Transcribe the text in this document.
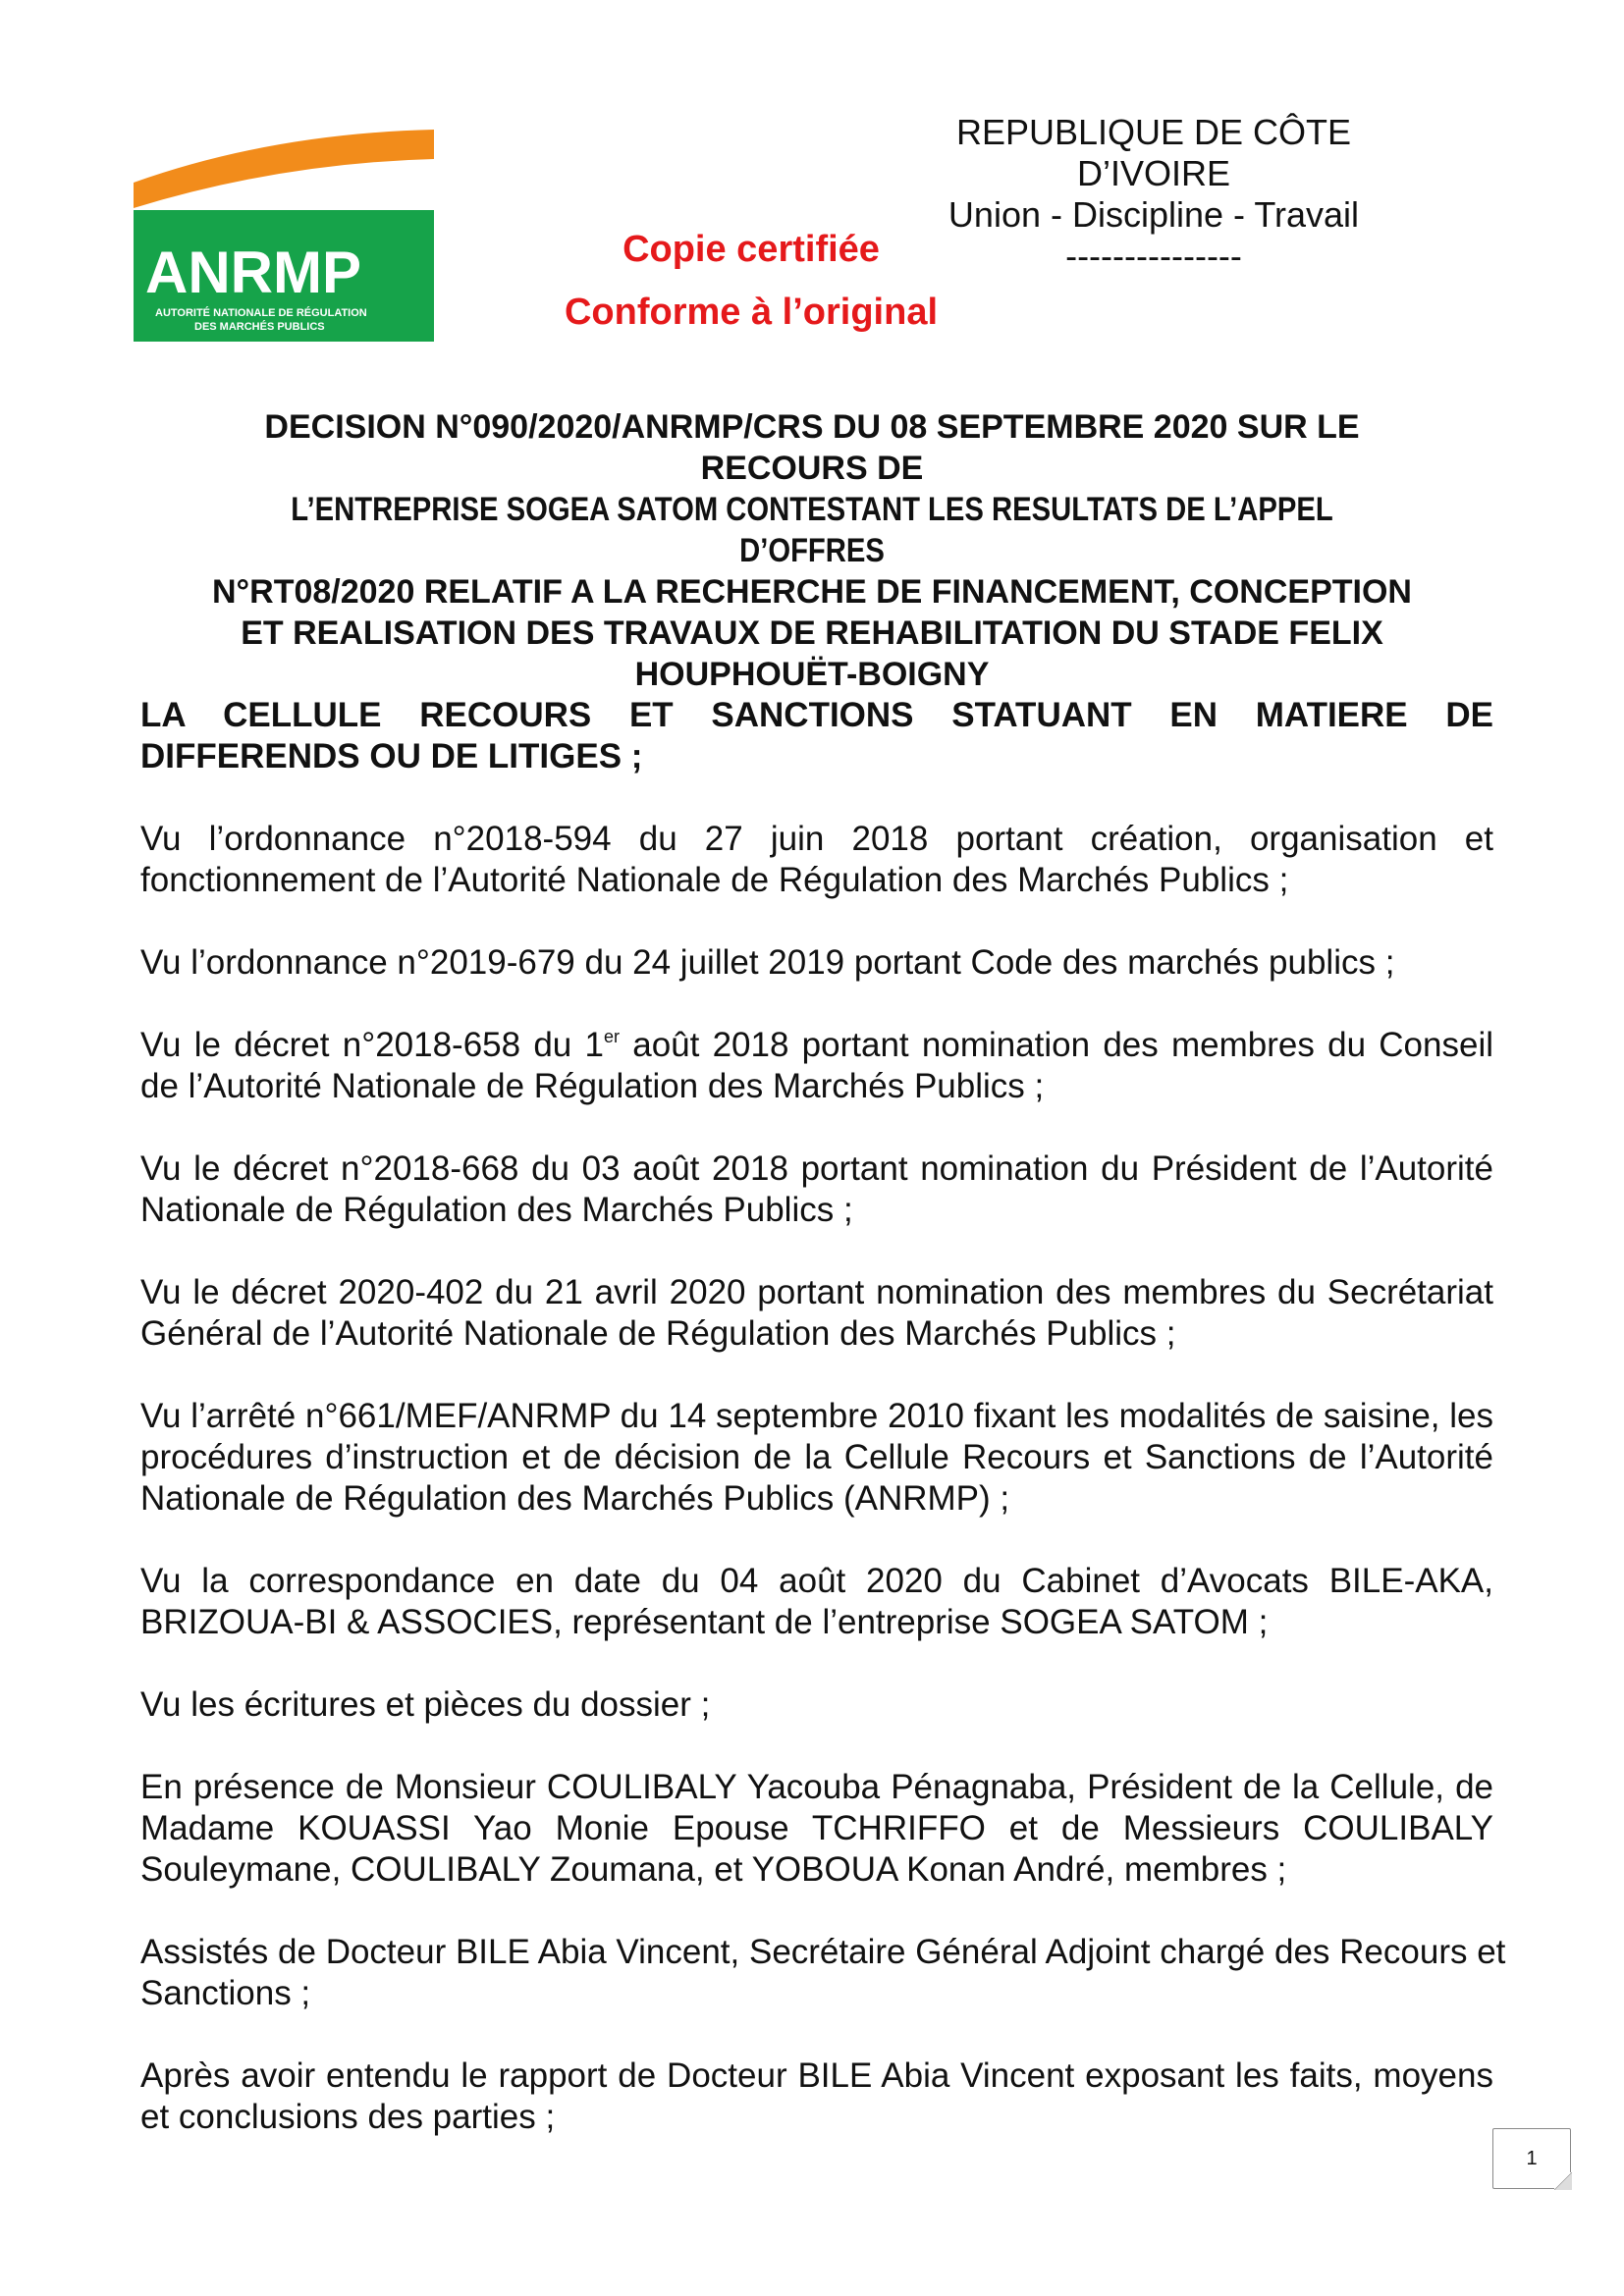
ANRMP
AUTORITÉ NATIONALE DE RÉGULATION
DES MARCHÉS PUBLICS
REPUBLIQUE DE CÔTE
D’IVOIRE
Union - Discipline - Travail
---------------
Copie certifiée
Conforme à l’original
DECISION N°090/2020/ANRMP/CRS DU 08 SEPTEMBRE 2020 SUR LE
RECOURS DE
L’ENTREPRISE SOGEA SATOM CONTESTANT LES RESULTATS DE L’APPEL D’OFFRES
N°RT08/2020 RELATIF A LA RECHERCHE DE FINANCEMENT, CONCEPTION
ET REALISATION DES TRAVAUX DE REHABILITATION DU STADE FELIX
HOUPHOUËT-BOIGNY

LA CELLULE RECOURS ET SANCTIONS STATUANT EN MATIERE DE DIFFERENDS OU DE LITIGES ;

Vu l’ordonnance n°2018-594 du 27 juin 2018 portant création, organisation et fonctionnement de l’Autorité Nationale de Régulation des Marchés Publics ;

Vu l’ordonnance n°2019-679 du 24 juillet 2019 portant Code des marchés publics ;

Vu le décret n°2018-658 du 1er août 2018 portant nomination des membres du Conseil de l’Autorité Nationale de Régulation des Marchés Publics ;

Vu le décret n°2018-668 du 03 août 2018 portant nomination du Président de l’Autorité Nationale de Régulation des Marchés Publics ;

Vu le décret 2020-402 du 21 avril 2020 portant nomination des membres du Secrétariat Général de l’Autorité Nationale de Régulation des Marchés Publics ;

Vu l’arrêté n°661/MEF/ANRMP du 14 septembre 2010 fixant les modalités de saisine, les procédures d’instruction et de décision de la Cellule Recours et Sanctions de l’Autorité Nationale de Régulation des Marchés Publics (ANRMP) ;

Vu la correspondance en date du 04 août 2020 du Cabinet d’Avocats BILE-AKA, BRIZOUA-BI & ASSOCIES, représentant de l’entreprise SOGEA SATOM ;

Vu les écritures et pièces du dossier ;

En présence de Monsieur COULIBALY Yacouba Pénagnaba, Président de la Cellule, de Madame KOUASSI Yao Monie Epouse TCHRIFFO et de Messieurs COULIBALY Souleymane, COULIBALY Zoumana, et YOBOUA Konan André, membres ;

Assistés de Docteur BILE Abia Vincent, Secrétaire Général Adjoint chargé des Recours et Sanctions ;

Après avoir entendu le rapport de Docteur BILE Abia Vincent exposant les faits, moyens et conclusions des parties ;

1
